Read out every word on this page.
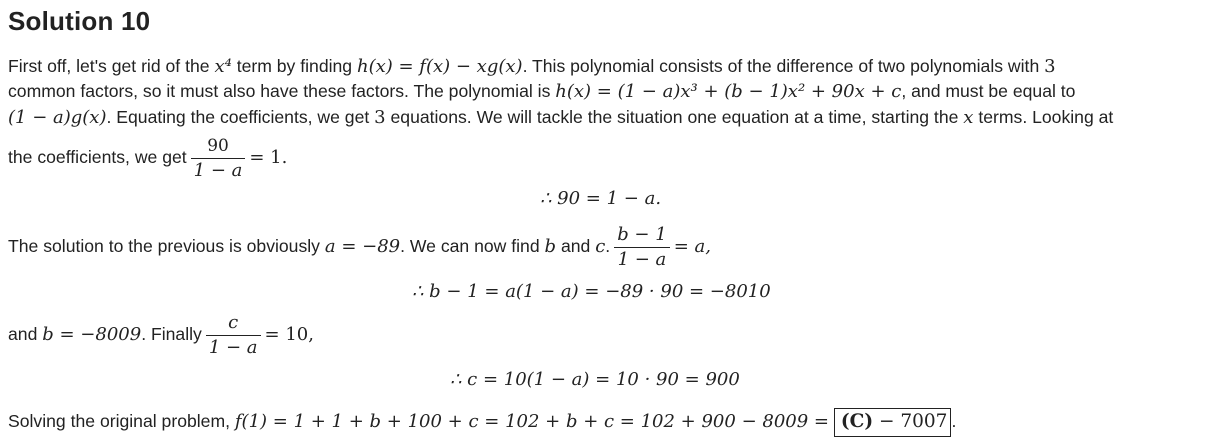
Solution 10
First off, let's get rid of the x⁴ term by finding h(x) = f(x) − xg(x). This polynomial consists of the difference of two polynomials with 3
common factors, so it must also have these factors. The polynomial is h(x) = (1 − a)x³ + (b − 1)x² + 90x + c, and must be equal to
(1 − a)g(x). Equating the coefficients, we get 3 equations. We will tackle the situation one equation at a time, starting the x terms. Looking at
the coefficients, we get $\frac{90}{1 - a} = 1$.
∴ 90 = 1 − a.
The solution to the previous is obviously a = −89. We can now find b and c. $\frac{b - 1}{1 - a} = a$,
∴ b − 1 = a(1 − a) = −89 · 90 = −8010
and b = −8009. Finally $\frac{c}{1 - a} = 10$,
∴ c = 10(1 − a) = 10 · 90 = 900
Solving the original problem, f(1) = 1 + 1 + b + 100 + c = 102 + b + c = 102 + 900 − 8009 = (C) − 7007 .
